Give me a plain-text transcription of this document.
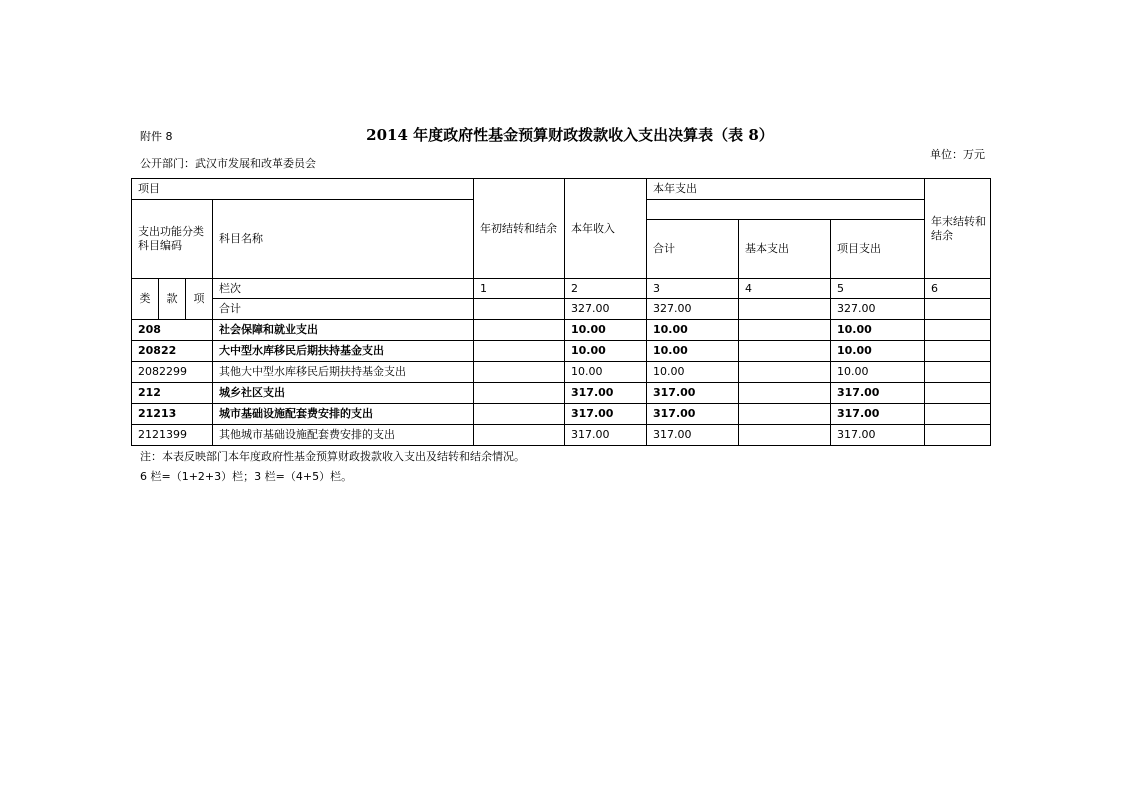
附件 8	2014 年度政府性基金预算财政拨款收入支出决算表（表 8）
公开部门：武汉市发展和改革委员会
单位：万元
项目				年初结转和结余	本年收入	本年支出			年末结转和结余
支出功能分类科目编码			科目名称						
						合计	基本支出	项目支出	
类	款	项	栏次	1	2	3	4	5	6
			合计		327.00	327.00		327.00	
208			社会保障和就业支出		10.00	10.00		10.00	
20822			大中型水库移民后期扶持基金支出		10.00	10.00		10.00	
2082299			其他大中型水库移民后期扶持基金支出		10.00	10.00		10.00	
212			城乡社区支出		317.00	317.00		317.00	
21213			城市基础设施配套费安排的支出		317.00	317.00		317.00	
2121399			其他城市基础设施配套费安排的支出		317.00	317.00		317.00	
注：本表反映部门本年度政府性基金预算财政拨款收入支出及结转和结余情况。
6 栏=（1+2+3）栏；3 栏=（4+5）栏。
